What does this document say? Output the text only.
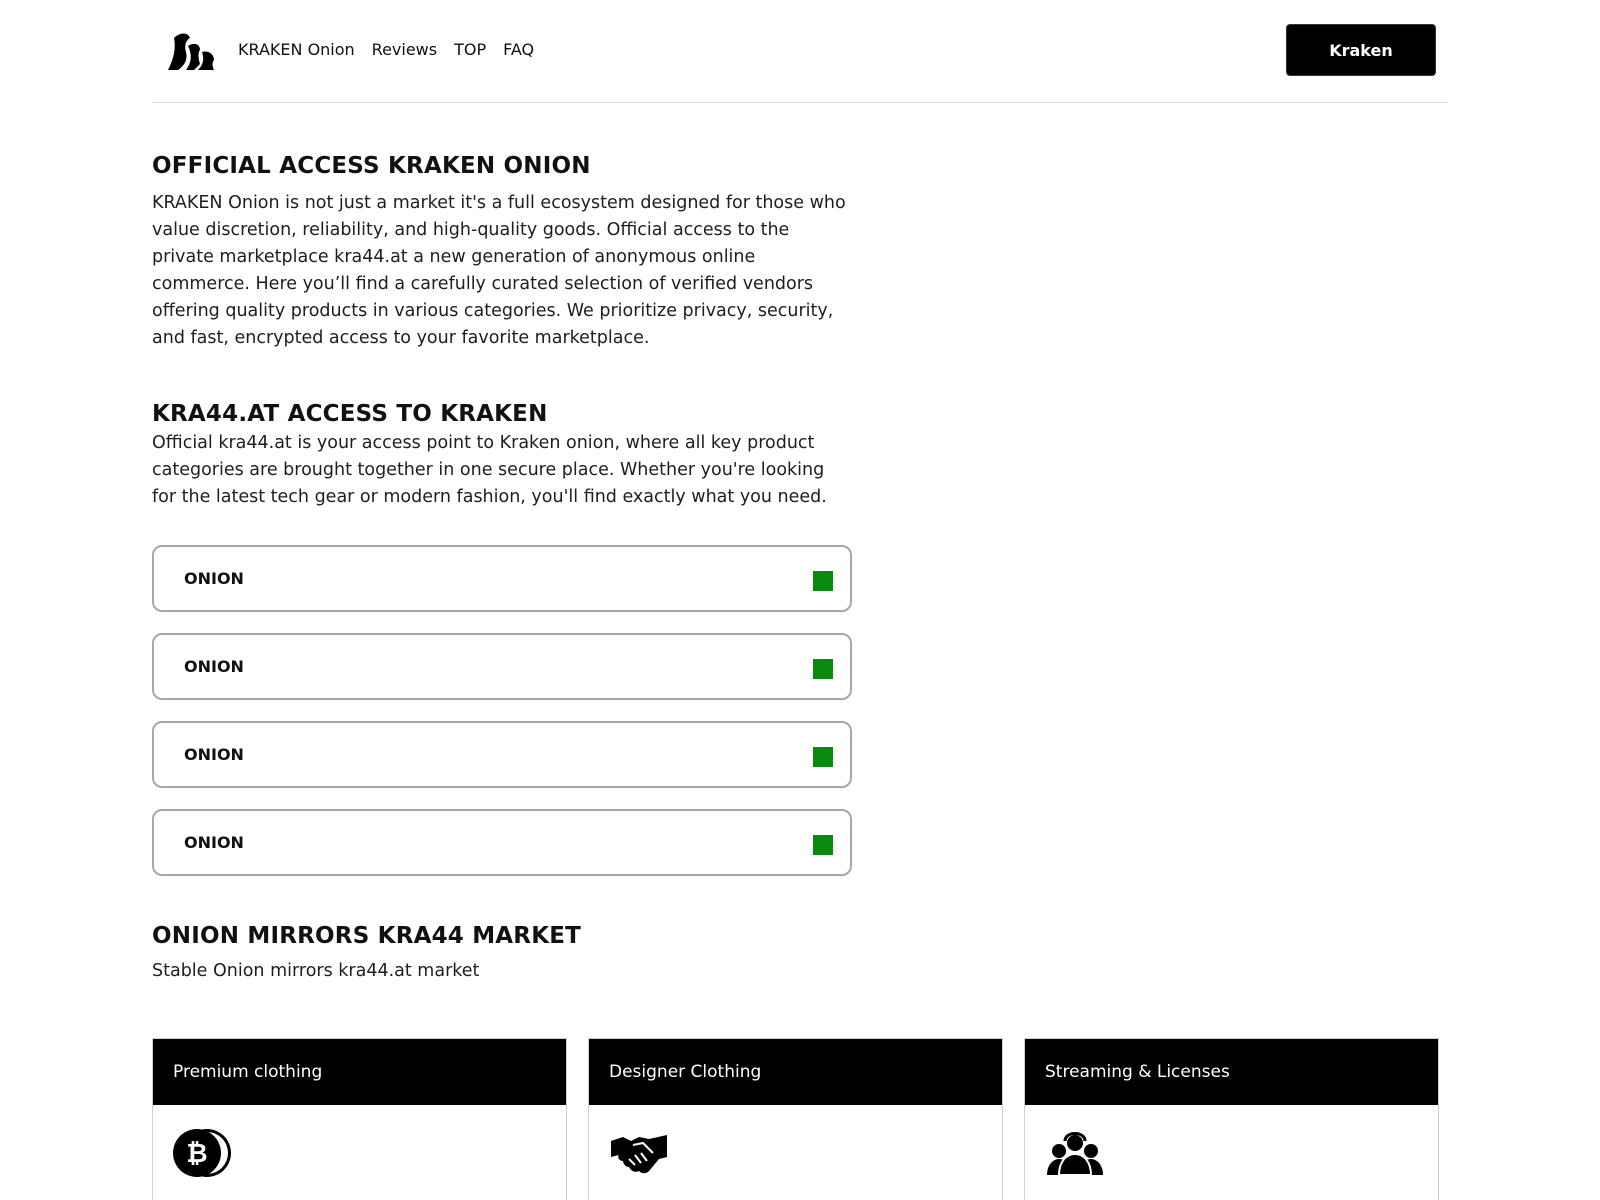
KRAKEN Onion Reviews TOP FAQ	Kraken
OFFICIAL ACCESS KRAKEN ONION

KRAKEN Onion is not just a market it's a full ecosystem designed for those who value discretion, reliability, and high-quality goods. Official access to the private marketplace kra44.at a new generation of anonymous online commerce. Here you’ll find a carefully curated selection of verified vendors offering quality products in various categories. We prioritize privacy, security, and fast, encrypted access to your favorite marketplace.

KRA44.AT ACCESS TO KRAKEN

Official kra44.at is your access point to Kraken onion, where all key product categories are brought together in one secure place. Whether you're looking for the latest tech gear or modern fashion, you'll find exactly what you need.

ONION
ONION
ONION
ONION
ONION MIRRORS KRA44 MARKET

Stable Onion mirrors kra44.at market

Premium clothing
₿
Designer Clothing	Streaming & Licenses
